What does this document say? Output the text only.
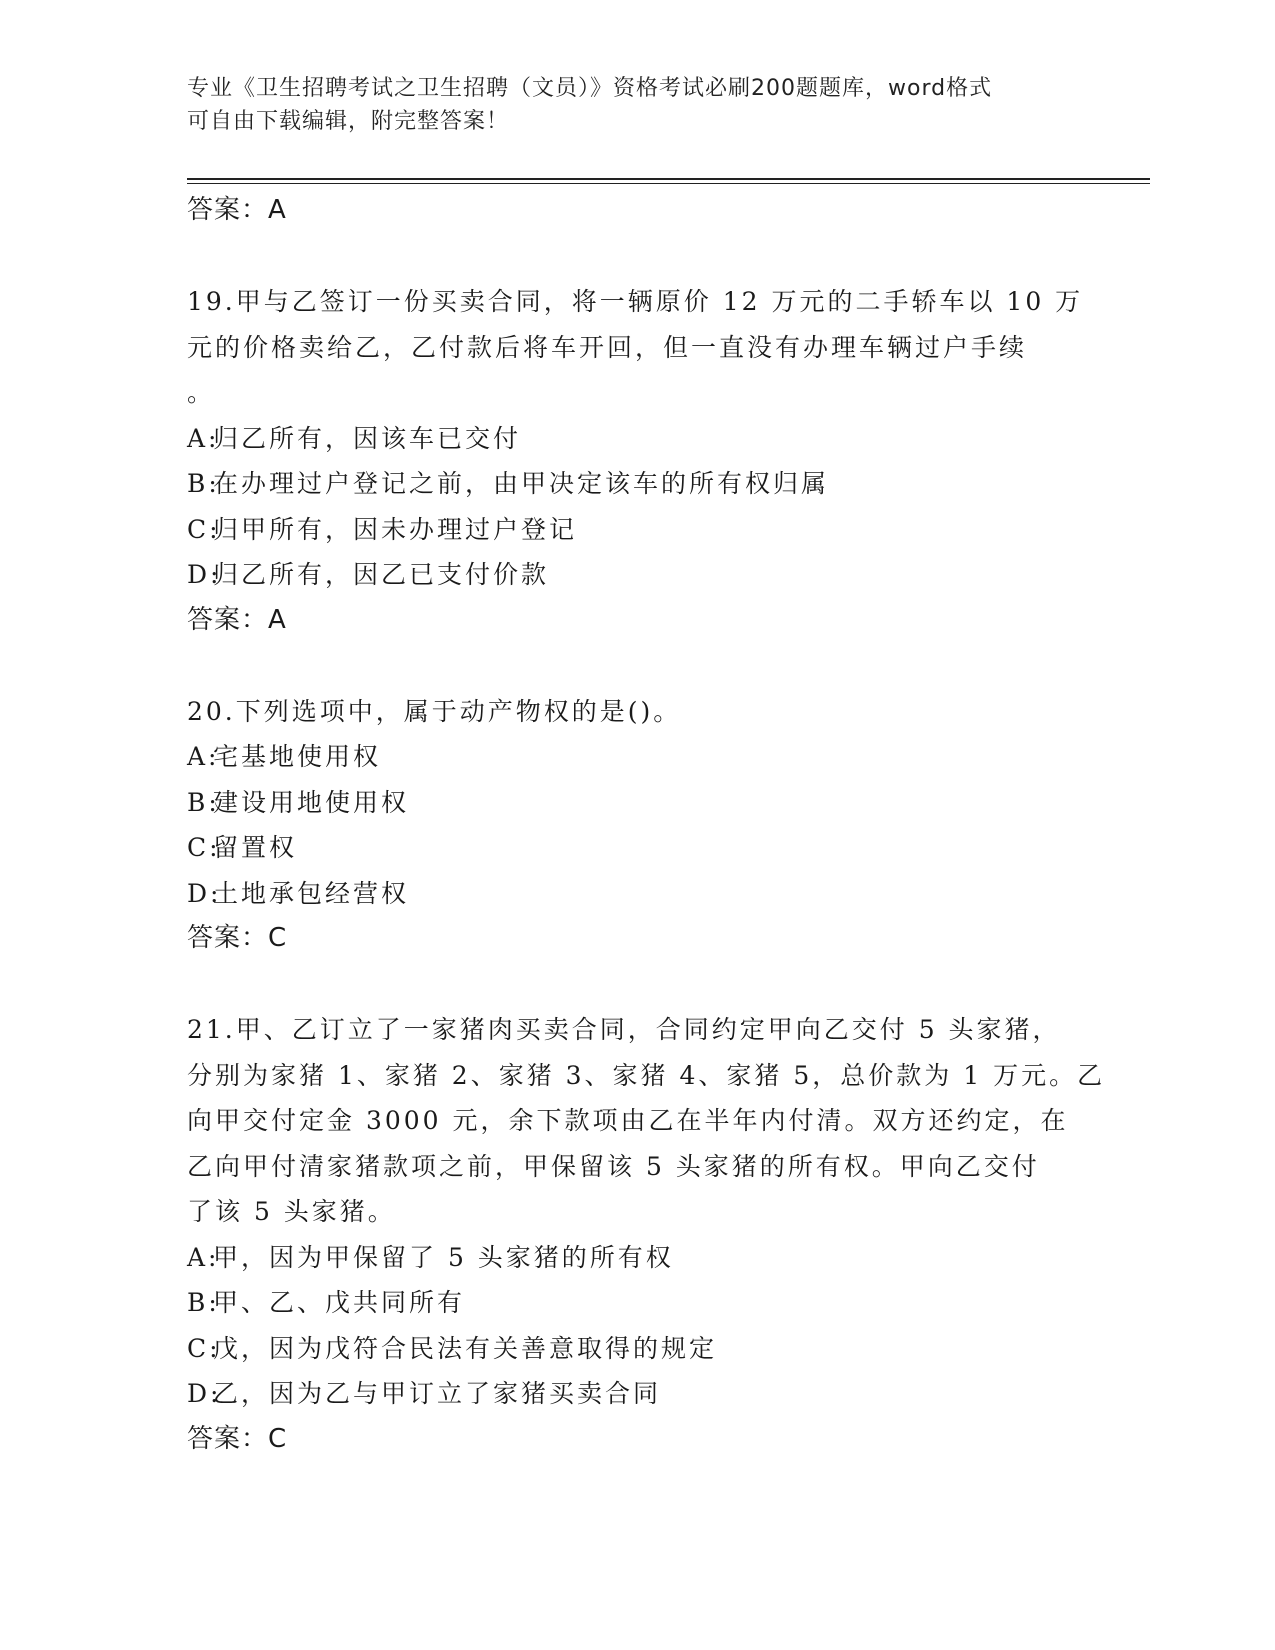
专业《卫生招聘考试之卫生招聘（文员）》资格考试必刷200题题库，word格式
可自由下载编辑，附完整答案！
答案：A
19.甲与乙签订一份买卖合同，将一辆原价 12 万元的二手轿车以 10 万
元的价格卖给乙，乙付款后将车开回，但一直没有办理车辆过户手续
。
A:归乙所有，因该车已交付
B:在办理过户登记之前，由甲决定该车的所有权归属
C:归甲所有，因未办理过户登记
D:归乙所有，因乙已支付价款
答案：A
20.下列选项中，属于动产物权的是()。
A:宅基地使用权
B:建设用地使用权
C:留置权
D:土地承包经营权
答案：C
21.甲、乙订立了一家猪肉买卖合同，合同约定甲向乙交付 5 头家猪，
分别为家猪 1、家猪 2、家猪 3、家猪 4、家猪 5，总价款为 1 万元。乙
向甲交付定金 3000 元，余下款项由乙在半年内付清。双方还约定，在
乙向甲付清家猪款项之前，甲保留该 5 头家猪的所有权。甲向乙交付
了该 5 头家猪。
A:甲，因为甲保留了 5 头家猪的所有权
B:甲、乙、戊共同所有
C:戊，因为戊符合民法有关善意取得的规定
D:乙，因为乙与甲订立了家猪买卖合同
答案：C
